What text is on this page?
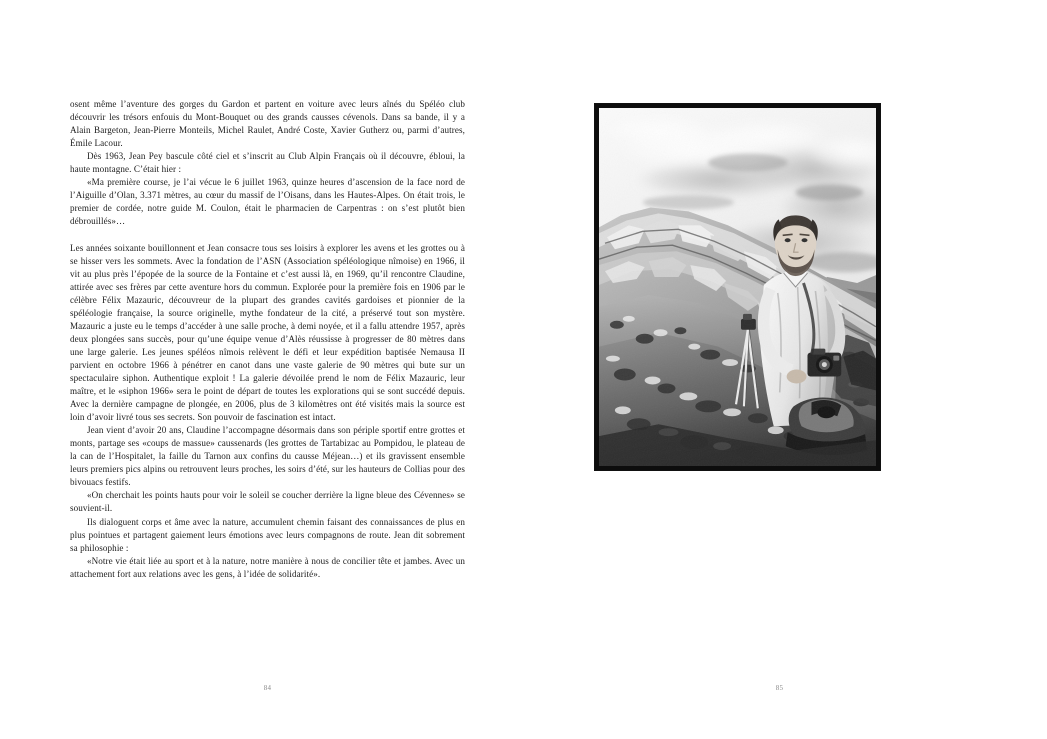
osent même l’aventure des gorges du Gardon et partent en voiture avec leurs aînés du Spéléo club découvrir les trésors enfouis du Mont-Bouquet ou des grands causses cévenols. Dans sa bande, il y a Alain Bargeton, Jean-Pierre Monteils, Michel Raulet, André Coste, Xavier Gutherz ou, parmi d’autres, Émile Lacour.

Dès 1963, Jean Pey bascule côté ciel et s’inscrit au Club Alpin Français où il découvre, ébloui, la haute montagne. C’était hier :

«Ma première course, je l’ai vécue le 6 juillet 1963, quinze heures d’ascension de la face nord de l’Aiguille d’Olan, 3.371 mètres, au cœur du massif de l’Oisans, dans les Hautes-Alpes. On était trois, le premier de cordée, notre guide M. Coulon, était le pharmacien de Carpentras : on s’est plutôt bien débrouillés»…

Les années soixante bouillonnent et Jean consacre tous ses loisirs à explorer les avens et les grottes ou à se hisser vers les sommets. Avec la fondation de l’ASN (Association spéléologique nîmoise) en 1966, il vit au plus près l’épopée de la source de la Fontaine et c’est aussi là, en 1969, qu’il rencontre Claudine, attirée avec ses frères par cette aventure hors du commun. Explorée pour la première fois en 1906 par le célèbre Félix Mazauric, découvreur de la plupart des grandes cavités gardoises et pionnier de la spéléologie française, la source originelle, mythe fondateur de la cité, a préservé tout son mystère. Mazauric a juste eu le temps d’accéder à une salle proche, à demi noyée, et il a fallu attendre 1957, après deux plongées sans succès, pour qu’une équipe venue d’Alès réussisse à progresser de 80 mètres dans une large galerie. Les jeunes spéléos nîmois relèvent le défi et leur expédition baptisée Nemausa II parvient en octobre 1966 à pénétrer en canot dans une vaste galerie de 90 mètres qui bute sur un spectaculaire siphon. Authentique exploit ! La galerie dévoilée prend le nom de Félix Mazauric, leur maître, et le «siphon 1966» sera le point de départ de toutes les explorations qui se sont succédé depuis. Avec la dernière campagne de plongée, en 2006, plus de 3 kilomètres ont été visités mais la source est loin d’avoir livré tous ses secrets. Son pouvoir de fascination est intact.

Jean vient d’avoir 20 ans, Claudine l’accompagne désormais dans son périple sportif entre grottes et monts, partage ses «coups de massue» caussenards (les grottes de Tartabizac au Pompidou, le plateau de la can de l’Hospitalet, la faille du Tarnon aux confins du causse Méjean…) et ils gravissent ensemble leurs premiers pics alpins ou retrouvent leurs proches, les soirs d’été, sur les hauteurs de Collias pour des bivouacs festifs.

«On cherchait les points hauts pour voir le soleil se coucher derrière la ligne bleue des Cévennes» se souvient-il.

Ils dialoguent corps et âme avec la nature, accumulent chemin faisant des connaissances de plus en plus pointues et partagent gaiement leurs émotions avec leurs compagnons de route. Jean dit sobrement sa philosophie :

«Notre vie était liée au sport et à la nature, notre manière à nous de concilier tête et jambes. Avec un attachement fort aux relations avec les gens, à l’idée de solidarité».

84	85
